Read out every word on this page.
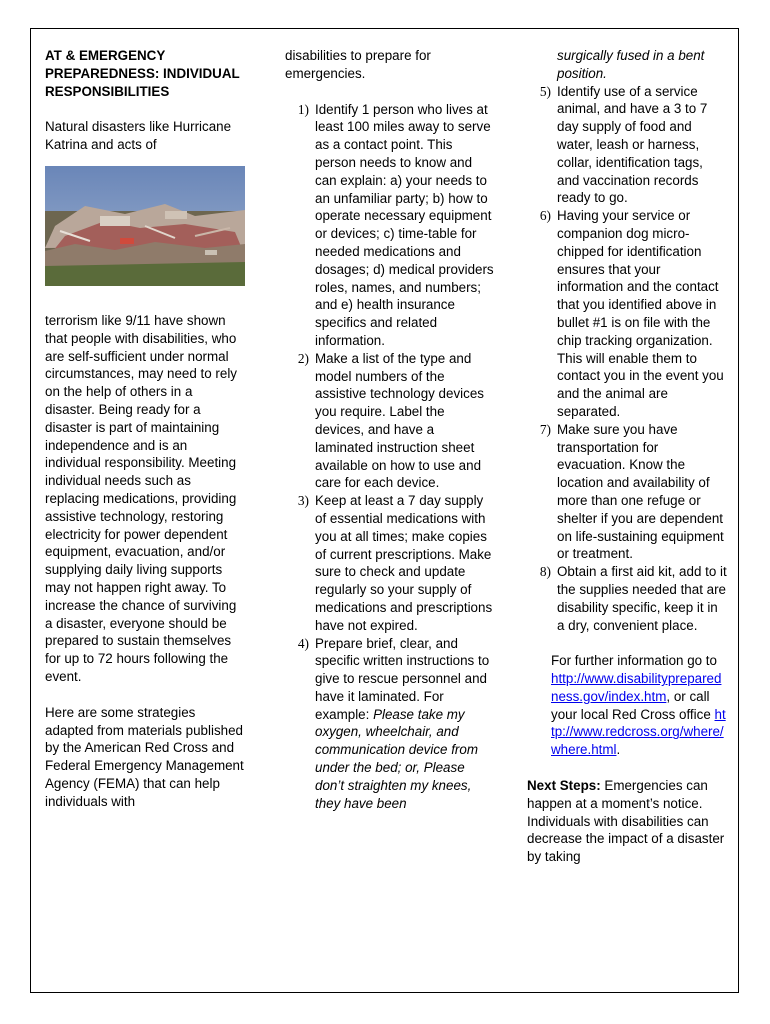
AT & EMERGENCY PREPAREDNESS: INDIVIDUAL RESPONSIBILITIES

Natural disasters like Hurricane Katrina and acts of

terrorism like 9/11 have shown that people with disabilities, who are self-sufficient under normal circumstances, may need to rely on the help of others in a disaster. Being ready for a disaster is part of maintaining independence and is an individual responsibility. Meeting individual needs such as replacing medications, providing assistive technology, restoring electricity for power dependent equipment, evacuation, and/or supplying daily living supports may not happen right away. To increase the chance of surviving a disaster, everyone should be prepared to sustain themselves for up to 72 hours following the event.

Here are some strategies adapted from materials published by the American Red Cross and Federal Emergency Management Agency (FEMA) that can help individuals with

disabilities to prepare for emergencies.

1) Identify 1 person who lives at least 100 miles away to serve as a contact point. This person needs to know and can explain: a) your needs to an unfamiliar party; b) how to operate necessary equipment or devices; c) time-table for needed medications and dosages; d) medical providers roles, names, and numbers; and e) health insurance specifics and related information.
2) Make a list of the type and model numbers of the assistive technology devices you require. Label the devices, and have a laminated instruction sheet available on how to use and care for each device.
3) Keep at least a 7 day supply of essential medications with you at all times; make copies of current prescriptions. Make sure to check and update regularly so your supply of medications and prescriptions have not expired.
4) Prepare brief, clear, and specific written instructions to give to rescue personnel and have it laminated. For example: Please take my oxygen, wheelchair, and communication device from under the bed; or, Please don’t straighten my knees, they have been

surgically fused in a bent position.

5) Identify use of a service animal, and have a 3 to 7 day supply of food and water, leash or harness, collar, identification tags, and vaccination records ready to go.
6) Having your service or companion dog micro-chipped for identification ensures that your information and the contact that you identified above in bullet #1 is on file with the chip tracking organization. This will enable them to contact you in the event you and the animal are separated.
7) Make sure you have transportation for evacuation. Know the location and availability of more than one refuge or shelter if you are dependent on life-sustaining equipment or treatment.
8) Obtain a first aid kit, add to it the supplies needed that are disability specific, keep it in a dry, convenient place.

For further information go to http://www.disabilitypreparedness.gov/index.htm, or call your local Red Cross office http://www.redcross.org/where/where.html.

Next Steps: Emergencies can happen at a moment’s notice. Individuals with disabilities can decrease the impact of a disaster by taking
